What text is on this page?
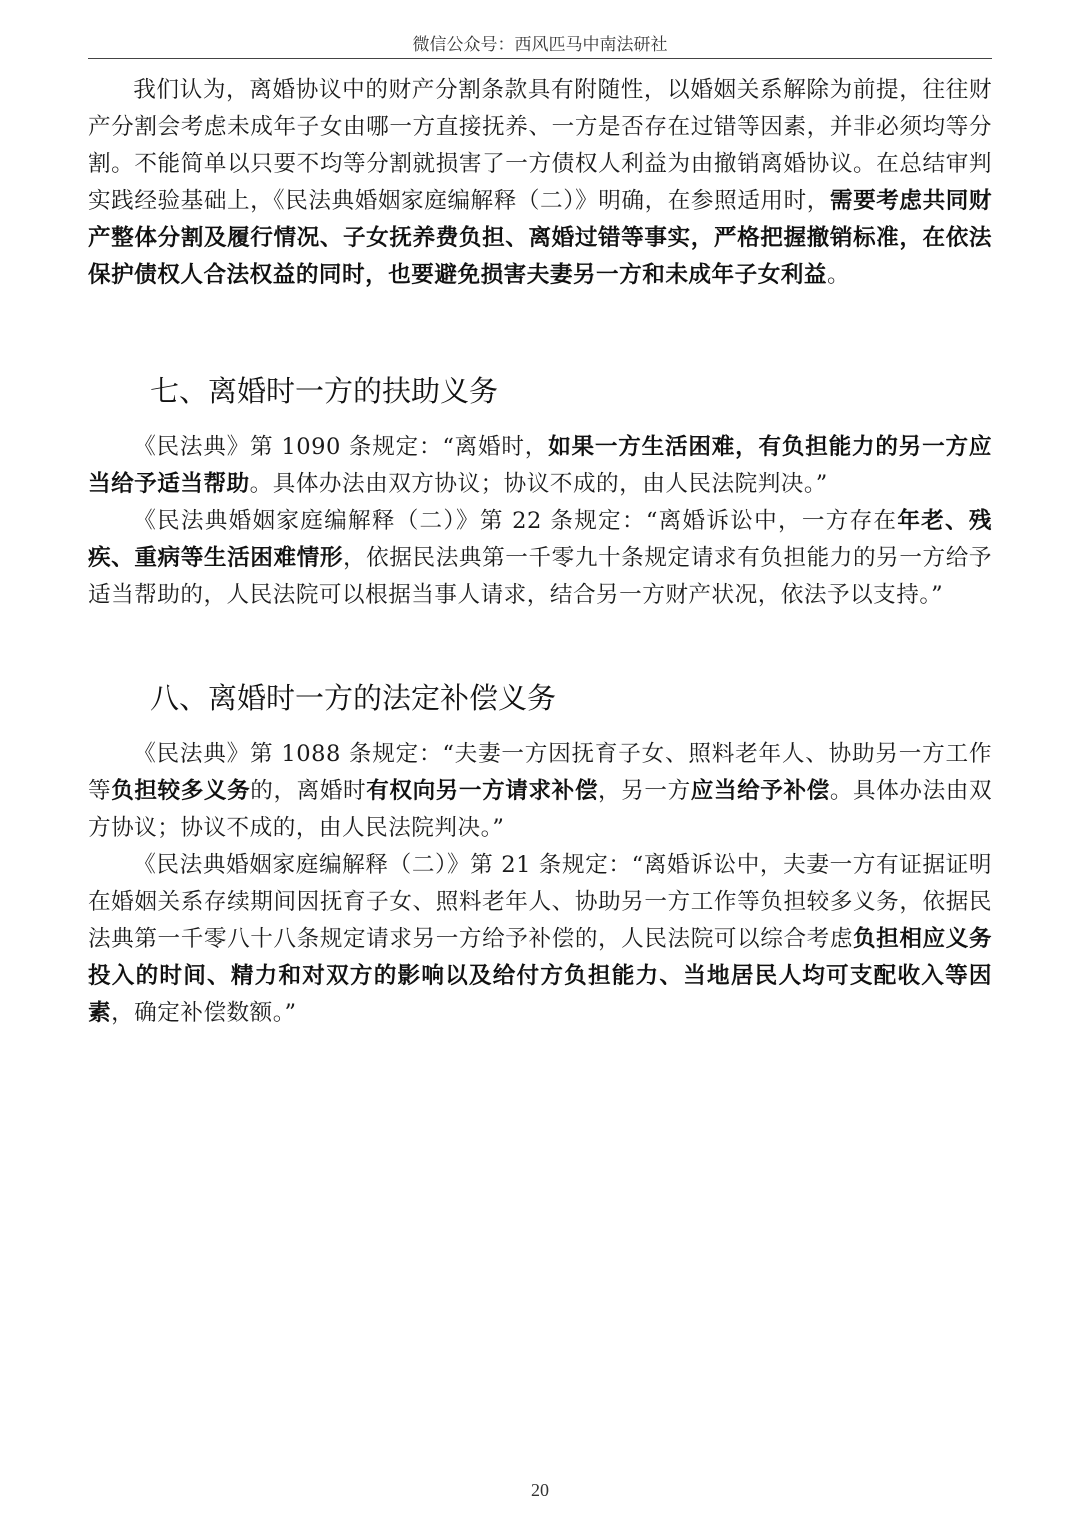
微信公众号：西风匹马中南法研社

我们认为，离婚协议中的财产分割条款具有附随性，以婚姻关系解除为前提，往往财产分割会考虑未成年子女由哪一方直接抚养、一方是否存在过错等因素，并非必须均等分割。不能简单以只要不均等分割就损害了一方债权人利益为由撤销离婚协议。在总结审判实践经验基础上，《民法典婚姻家庭编解释（二）》明确，在参照适用时，需要考虑共同财产整体分割及履行情况、子女抚养费负担、离婚过错等事实，严格把握撤销标准，在依法保护债权人合法权益的同时，也要避免损害夫妻另一方和未成年子女利益。

七、离婚时一方的扶助义务

《民法典》第 1090 条规定：“离婚时，如果一方生活困难，有负担能力的另一方应当给予适当帮助。具体办法由双方协议；协议不成的，由人民法院判决。”

《民法典婚姻家庭编解释（二）》第 22 条规定：“离婚诉讼中，一方存在年老、残疾、重病等生活困难情形，依据民法典第一千零九十条规定请求有负担能力的另一方给予适当帮助的，人民法院可以根据当事人请求，结合另一方财产状况，依法予以支持。”

八、离婚时一方的法定补偿义务

《民法典》第 1088 条规定：“夫妻一方因抚育子女、照料老年人、协助另一方工作等负担较多义务的，离婚时有权向另一方请求补偿，另一方应当给予补偿。具体办法由双方协议；协议不成的，由人民法院判决。”

《民法典婚姻家庭编解释（二）》第 21 条规定：“离婚诉讼中，夫妻一方有证据证明在婚姻关系存续期间因抚育子女、照料老年人、协助另一方工作等负担较多义务，依据民法典第一千零八十八条规定请求另一方给予补偿的，人民法院可以综合考虑负担相应义务投入的时间、精力和对双方的影响以及给付方负担能力、当地居民人均可支配收入等因素，确定补偿数额。”

20
